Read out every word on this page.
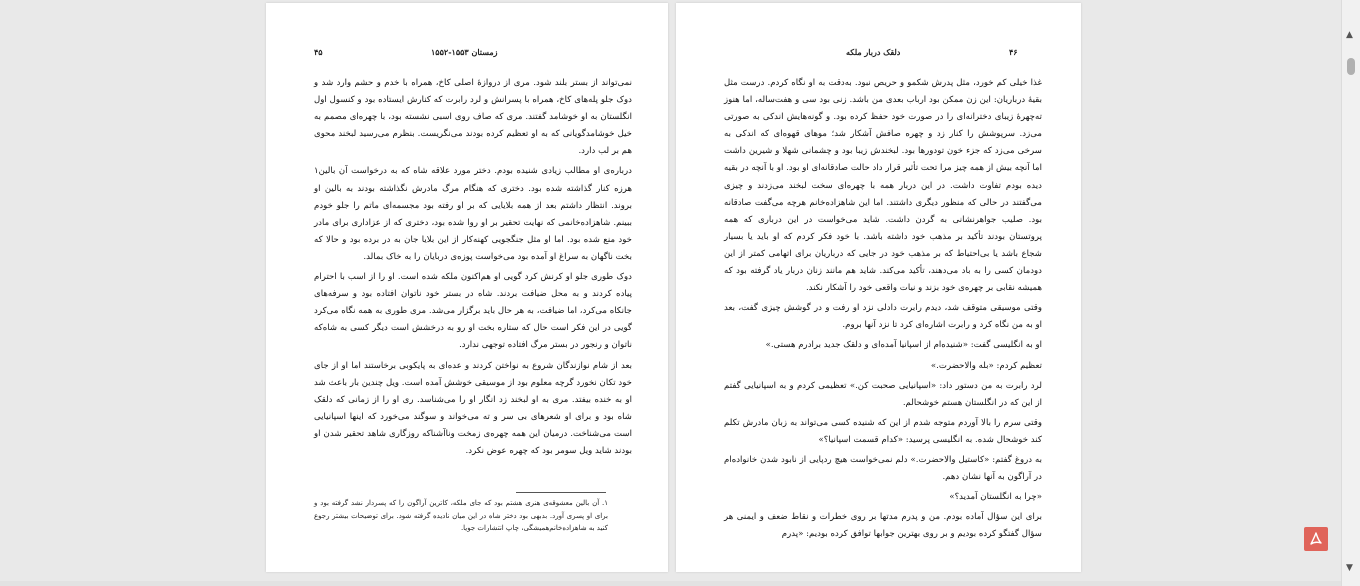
۴۵	زمستان ۱۵۵۳-۱۵۵۲

نمی‌تواند از بستر بلند شود. مری از دروازهٔ اصلی کاخ، همراه با خدم و حشم وارد شد و دوک جلو پله‌های کاخ، همراه با پسرانش و لرد رابرت که کنارش ایستاده بود و کنسول اول انگلستان به او خوشامد گفتند. مری که صاف روی اسبی نشسته بود، با چهره‌ای مصمم به خیل خوشامدگویانی که به او تعظیم کرده بودند می‌نگریست. بنظرم می‌رسید لبخند محوی هم بر لب دارد.

درباره‌ی او مطالب زیادی شنیده بودم. دختر مورد علاقه شاه که به درخواست آن بالین۱ هرزه کنار گذاشته شده بود. دختری که هنگام مرگ مادرش نگذاشته بودند به بالین او بروند. انتظار داشتم بعد از همه بلایایی که بر او رفته بود مجسمه‌ای ماتم را جلو خودم ببینم. شاهزاده‌خانمی که نهایت تحقیر بر او روا شده بود، دختری که از عزاداری برای مادر خود منع شده بود. اما او مثل جنگجویی کهنه‌کار از این بلایا جان به در برده بود و حالا که بخت ناگهان به سراغ او آمده بود می‌خواست پوزه‌ی دربایان را به خاک بمالد.

دوک طوری جلو او کرنش کرد گویی او هم‌اکنون ملکه شده است. او را از اسب با احترام پیاده کردند و به محل ضیافت بردند. شاه در بستر خود ناتوان افتاده بود و سرفه‌های جانکاه می‌کرد، اما ضیافت، به هر حال باید برگزار می‌شد. مری طوری به همه نگاه می‌کرد گویی در این فکر است حال که ستاره بخت او رو به درخشش است دیگر کسی به شاه‌که ناتوان و رنجور در بستر مرگ افتاده توجهی ندارد.

بعد از شام نوازندگان شروع به نواختن کردند و عده‌ای به پایکوبی برخاستند اما او از جای خود تکان نخورد گرچه معلوم بود از موسیقی خوشش آمده است. ویل چندین بار باعث شد او به خنده بیفتد. مری به او لبخند زد انگار او را می‌شناسد. ری او را از زمانی که دلقک شاه بود و برای او شعرهای بی سر و ته می‌خواند و سوگند می‌خورد که اینها اسپانیایی است می‌شناخت. درمیان این همه چهره‌ی زمخت وناآشناکه روزگاری شاهد تحقیر شدن او بودند شاید ویل سومر بود که چهره عوض نکرد.

۱. آن بالین معشوقه‌ی هنری هشتم بود که جای ملکه، کاترین آراگون را که پسردار نشد گرفته بود و برای او پسری آورد. بدبهی بود دختر شاه در این میان نادیده گرفته شود. برای توضیحات بیشتر رجوع کنید به شاهزاده‌خانم‌همیشگی، چاپ انتشارات جویا.
دلقک دربار ملکه	۴۶

غذا خیلی کم خورد، مثل پدرش شکمو و حریص نبود. به‌دقت به او نگاه کردم. درست مثل بقیهٔ درباریان: این زن ممکن بود ارباب بعدی من باشد. زنی بود سی و هفت‌ساله، اما هنوز ته‌چهرهٔ زیبای دخترانه‌ای را در صورت خود حفظ کرده بود. و گونه‌هایش اندکی به صورتی می‌زد. سرپوشش را کنار زد و چهره صافش آشکار شد؛ موهای قهوه‌ای که اندکی به سرخی می‌زد که جزء خون تودورها بود. لبخندش زیبا بود و چشمانی شهلا و شیرین داشت اما آنچه بیش از همه چیز مرا تحت تأثیر قرار داد حالت صادقانه‌ای او بود. او با آنچه در بقیه دیده بودم تفاوت داشت. در این دربار همه با چهره‌ای سخت لبخند می‌زدند و چیزی می‌گفتند در حالی که منظور دیگری داشتند. اما این شاهزاده‌خانم هرچه می‌گفت صادقانه بود. صلیب جواهرنشانی به گردن داشت. شاید می‌خواست در این درباری که همه پروتستان بودند تأکید بر مذهب خود داشته باشد. با خود فکر کردم که او باید یا بسیار شجاع باشد یا بی‌احتیاط که بر مذهب خود در جایی که درباریان برای اتهامی کمتر از این دودمان کسی را به باد می‌دهند، تأکید می‌کند. شاید هم مانند زنان دربار یاد گرفته بود که همیشه نقابی بر چهره‌ی خود بزند و نیات واقعی خود را آشکار نکند.

وقتی موسیقی متوقف شد، دیدم رابرت دادلی نزد او رفت و در گوشش چیزی گفت، بعد او به من نگاه کرد و رابرت اشاره‌ای کرد تا نزد آنها بروم.

او به انگلیسی گفت: «شنیده‌ام از اسپانیا آمده‌ای و دلقک جدید برادرم هستی.»

تعظیم کردم: «بله والاحضرت.»

لرد رابرت به من دستور داد: «اسپانیایی صحبت کن.» تعظیمی کردم و به اسپانیایی گفتم از این که در انگلستان هستم خوشحالم.

وقتی سرم را بالا آوردم متوجه شدم از این که شنیده کسی می‌تواند به زبان مادرش تکلم کند خوشحال شده. به انگلیسی پرسید: «کدام قسمت اسپانیا؟»

به دروغ گفتم: «کاستیل والاحضرت.» دلم نمی‌خواست هیچ ردپایی از نابود شدن خانواده‌ام در آراگون به آنها نشان دهم.

«چرا به انگلستان آمدید؟»

برای این سؤال آماده بودم. من و پدرم مدتها بر روی خطرات و نقاط ضعف و ایمنی هر سؤال گفتگو کرده بودیم و بر روی بهترین جوابها توافق کرده بودیم: «پدرم

▲
▼
